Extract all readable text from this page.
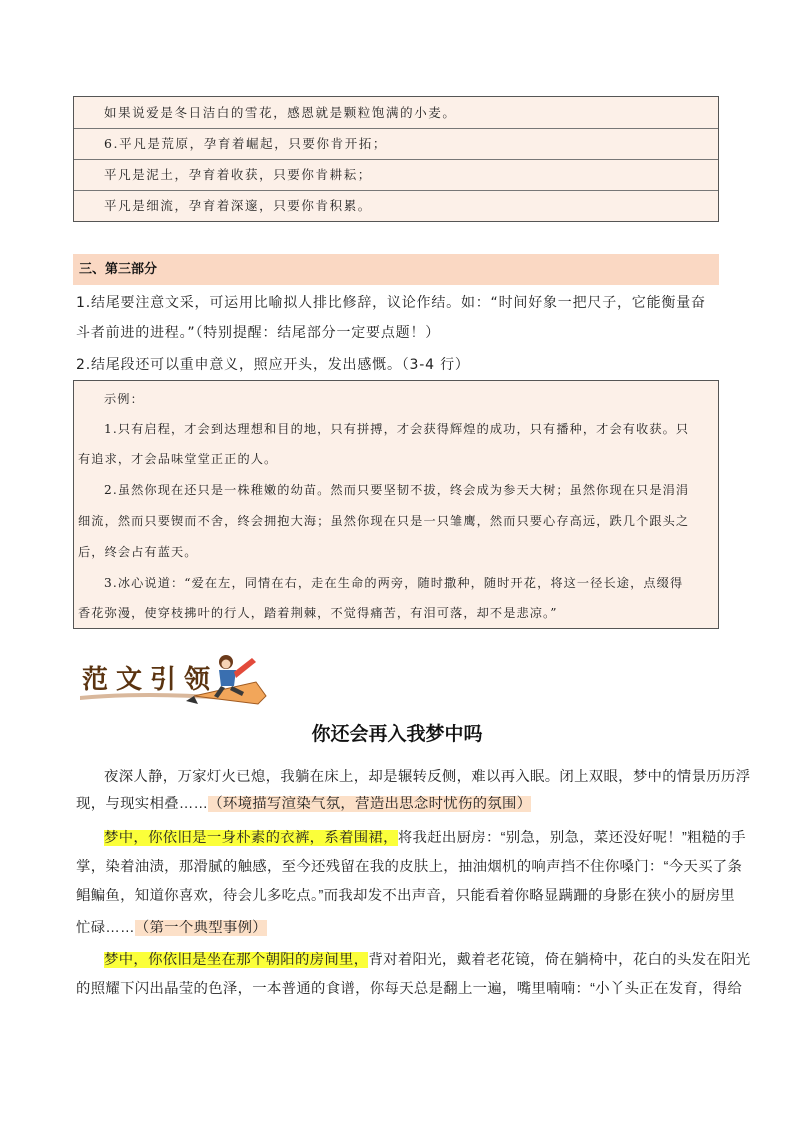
如果说爱是冬日洁白的雪花，感恩就是颗粒饱满的小麦。
6.平凡是荒原，孕育着崛起，只要你肯开拓；
平凡是泥土，孕育着收获，只要你肯耕耘；
平凡是细流，孕育着深邃，只要你肯积累。
三、第三部分
1.结尾要注意文采，可运用比喻拟人排比修辞，议论作结。如：“时间好象一把尺子，它能衡量奋
斗者前进的进程。”（特别提醒：结尾部分一定要点题！）
2.结尾段还可以重申意义，照应开头，发出感慨。（3-4 行）
示例：
1.只有启程，才会到达理想和目的地，只有拼搏，才会获得辉煌的成功，只有播种，才会有收获。只
有追求，才会品味堂堂正正的人。
2.虽然你现在还只是一株稚嫩的幼苗。然而只要坚韧不拔，终会成为参天大树；虽然你现在只是涓涓
细流，然而只要锲而不舍，终会拥抱大海；虽然你现在只是一只雏鹰，然而只要心存高远，跌几个跟头之
后，终会占有蓝天。
3.冰心说道：“爱在左，同情在右，走在生命的两旁，随时撒种，随时开花，将这一径长途，点缀得
香花弥漫，使穿枝拂叶的行人，踏着荆棘，不觉得痛苦，有泪可落，却不是悲凉。”
范文引领
你还会再入我梦中吗
夜深人静，万家灯火已熄，我躺在床上，却是辗转反侧，难以再入眠。闭上双眼，梦中的情景历历浮
现，与现实相叠……（环境描写渲染气氛，营造出思念时忧伤的氛围）
梦中，你依旧是一身朴素的衣裤，系着围裙，将我赶出厨房：“别急，别急，菜还没好呢！”粗糙的手
掌，染着油渍，那滑腻的触感，至今还残留在我的皮肤上，抽油烟机的响声挡不住你嗓门：“今天买了条
鲳鳊鱼，知道你喜欢，待会儿多吃点。”而我却发不出声音，只能看着你略显蹒跚的身影在狭小的厨房里
忙碌……（第一个典型事例）
梦中，你依旧是坐在那个朝阳的房间里，背对着阳光，戴着老花镜，倚在躺椅中，花白的头发在阳光
的照耀下闪出晶莹的色泽，一本普通的食谱，你每天总是翻上一遍，嘴里喃喃：“小丫头正在发育，得给
